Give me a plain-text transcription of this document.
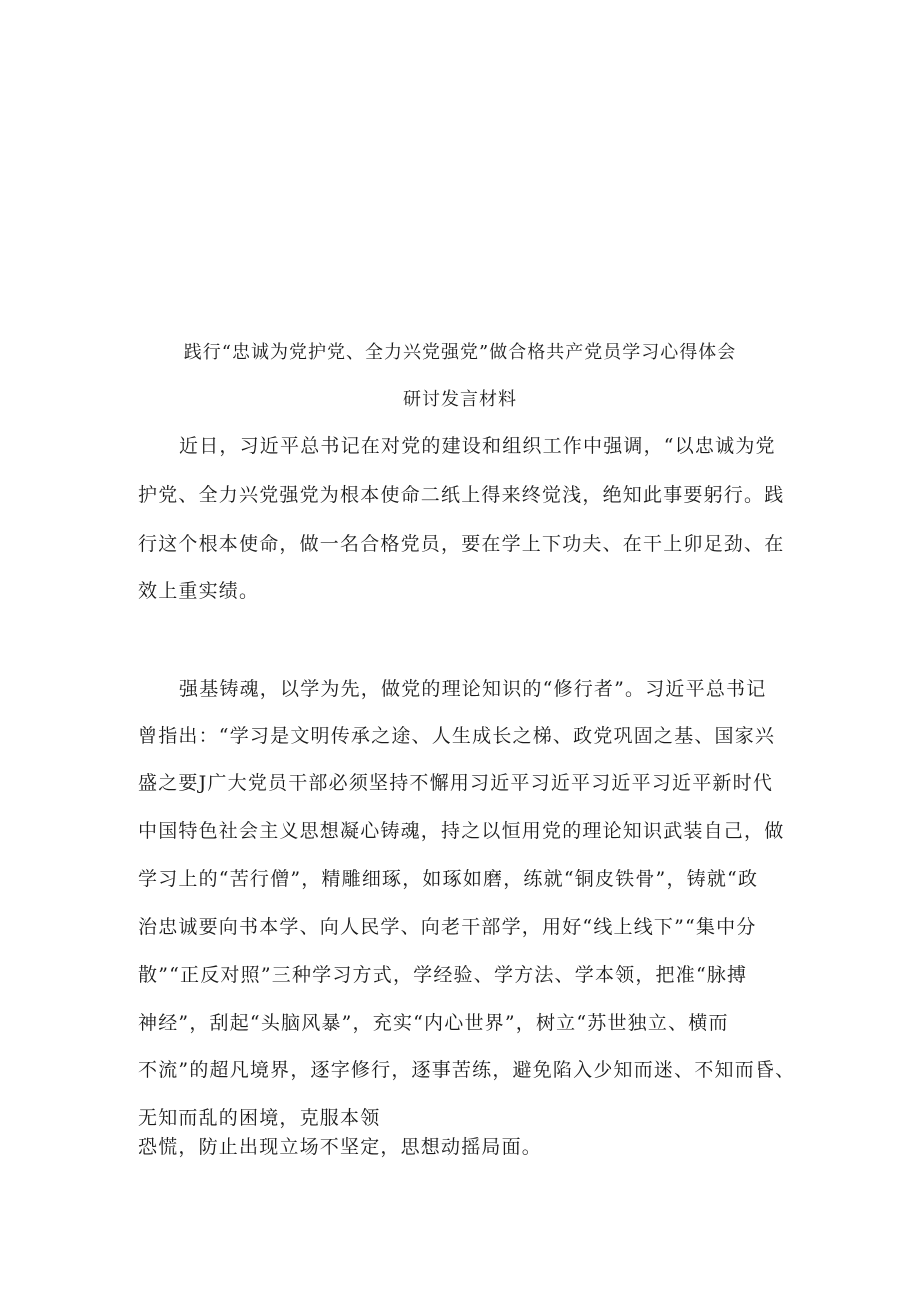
践行“忠诚为党护党、全力兴党强党”做合格共产党员学习心得体会
研讨发言材料
近日，习近平总书记在对党的建设和组织工作中强调，“以忠诚为党
护党、全力兴党强党为根本使命二纸上得来终觉浅，绝知此事要躬行。践
行这个根本使命，做一名合格党员，要在学上下功夫、在干上卯足劲、在
效上重实绩。
强基铸魂，以学为先，做党的理论知识的“修行者”。习近平总书记
曾指出：“学习是文明传承之途、人生成长之梯、政党巩固之基、国家兴
盛之要J广大党员干部必须坚持不懈用习近平习近平习近平习近平新时代
中国特色社会主义思想凝心铸魂，持之以恒用党的理论知识武装自己，做
学习上的“苦行僧”，精雕细琢，如琢如磨，练就“铜皮铁骨”，铸就“政
治忠诚要向书本学、向人民学、向老干部学，用好“线上线下”“集中分
散”“正反对照”三种学习方式，学经验、学方法、学本领，把准“脉搏
神经”，刮起“头脑风暴”，充实“内心世界”，树立“苏世独立、横而
不流”的超凡境界，逐字修行，逐事苦练，避免陷入少知而迷、不知而昏、
无知而乱的困境，克服本领
恐慌，防止出现立场不坚定，思想动摇局面。
